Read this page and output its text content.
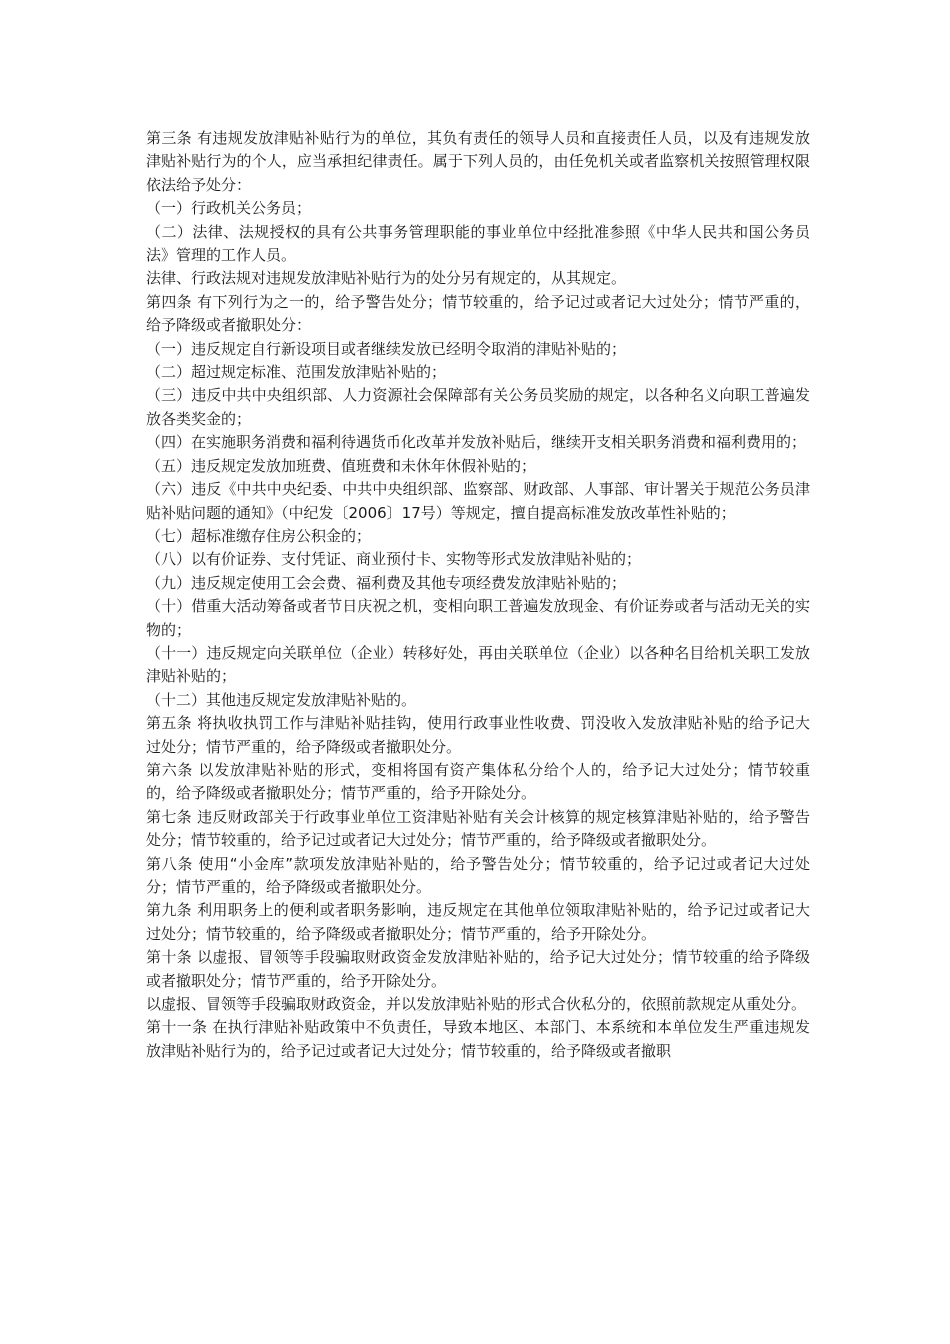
第三条 有违规发放津贴补贴行为的单位，其负有责任的领导人员和直接责任人员，以及有违规发放津贴补贴行为的个人，应当承担纪律责任。属于下列人员的，由任免机关或者监察机关按照管理权限依法给予处分：

（一）行政机关公务员；

（二）法律、法规授权的具有公共事务管理职能的事业单位中经批准参照《中华人民共和国公务员法》管理的工作人员。

法律、行政法规对违规发放津贴补贴行为的处分另有规定的，从其规定。

第四条 有下列行为之一的，给予警告处分；情节较重的，给予记过或者记大过处分；情节严重的，给予降级或者撤职处分：

（一）违反规定自行新设项目或者继续发放已经明令取消的津贴补贴的；

（二）超过规定标准、范围发放津贴补贴的；

（三）违反中共中央组织部、人力资源社会保障部有关公务员奖励的规定，以各种名义向职工普遍发放各类奖金的；

（四）在实施职务消费和福利待遇货币化改革并发放补贴后，继续开支相关职务消费和福利费用的；

（五）违反规定发放加班费、值班费和未休年休假补贴的；

（六）违反《中共中央纪委、中共中央组织部、监察部、财政部、人事部、审计署关于规范公务员津贴补贴问题的通知》（中纪发〔2006〕17号）等规定，擅自提高标准发放改革性补贴的；

（七）超标准缴存住房公积金的；

（八）以有价证券、支付凭证、商业预付卡、实物等形式发放津贴补贴的；

（九）违反规定使用工会会费、福利费及其他专项经费发放津贴补贴的；

（十）借重大活动筹备或者节日庆祝之机，变相向职工普遍发放现金、有价证券或者与活动无关的实物的；

（十一）违反规定向关联单位（企业）转移好处，再由关联单位（企业）以各种名目给机关职工发放津贴补贴的；

（十二）其他违反规定发放津贴补贴的。

第五条 将执收执罚工作与津贴补贴挂钩，使用行政事业性收费、罚没收入发放津贴补贴的给予记大过处分；情节严重的，给予降级或者撤职处分。

第六条 以发放津贴补贴的形式，变相将国有资产集体私分给个人的，给予记大过处分；情节较重的，给予降级或者撤职处分；情节严重的，给予开除处分。

第七条 违反财政部关于行政事业单位工资津贴补贴有关会计核算的规定核算津贴补贴的，给予警告处分；情节较重的，给予记过或者记大过处分；情节严重的，给予降级或者撤职处分。

第八条 使用“小金库”款项发放津贴补贴的，给予警告处分；情节较重的，给予记过或者记大过处分；情节严重的，给予降级或者撤职处分。

第九条 利用职务上的便利或者职务影响，违反规定在其他单位领取津贴补贴的，给予记过或者记大过处分；情节较重的，给予降级或者撤职处分；情节严重的，给予开除处分。

第十条 以虚报、冒领等手段骗取财政资金发放津贴补贴的，给予记大过处分；情节较重的给予降级或者撤职处分；情节严重的，给予开除处分。

以虚报、冒领等手段骗取财政资金，并以发放津贴补贴的形式合伙私分的，依照前款规定从重处分。

第十一条 在执行津贴补贴政策中不负责任，导致本地区、本部门、本系统和本单位发生严重违规发放津贴补贴行为的，给予记过或者记大过处分；情节较重的，给予降级或者撤职
